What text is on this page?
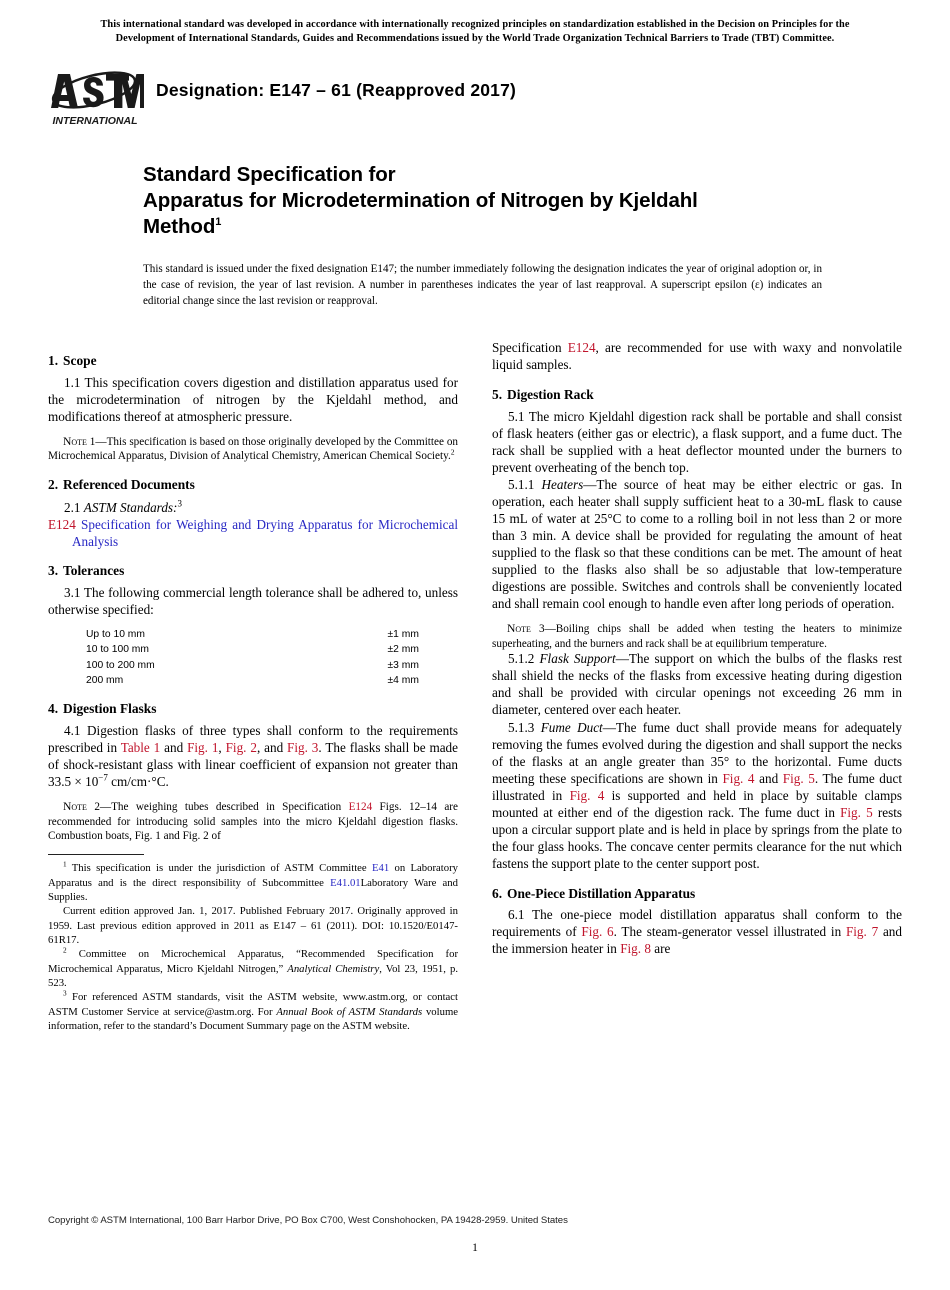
This international standard was developed in accordance with internationally recognized principles on standardization established in the Decision on Principles for the
Development of International Standards, Guides and Recommendations issued by the World Trade Organization Technical Barriers to Trade (TBT) Committee.
INTERNATIONAL
Designation: E147 – 61 (Reapproved 2017)
Standard Specification for
Apparatus for Microdetermination of Nitrogen by Kjeldahl
Method$^1$
This standard is issued under the fixed designation E147; the number immediately following the designation indicates the year of original adoption or, in the case of revision, the year of last revision. A number in parentheses indicates the year of last reapproval. A superscript epsilon (ε) indicates an editorial change since the last revision or reapproval.
1. Scope

1.1 This specification covers digestion and distillation apparatus used for the microdetermination of nitrogen by the Kjeldahl method, and modifications thereof at atmospheric pressure.

Note 1—This specification is based on those originally developed by the Committee on Microchemical Apparatus, Division of Analytical Chemistry, American Chemical Society.$^2$

2. Referenced Documents

2.1 ASTM Standards:$^3$

E124 Specification for Weighing and Drying Apparatus for Microchemical Analysis

3. Tolerances

3.1 The following commercial length tolerance shall be adhered to, unless otherwise specified:

Up to 10 mm	±1 mm
10 to 100 mm	±2 mm
100 to 200 mm	±3 mm
200 mm	±4 mm
4. Digestion Flasks

4.1 Digestion flasks of three types shall conform to the requirements prescribed in Table 1 and Fig. 1, Fig. 2, and Fig. 3. The flasks shall be made of shock-resistant glass with linear coefficient of expansion not greater than $33.5 \times 10^{-7}$ cm/cm·°C.

Note 2—The weighing tubes described in Specification E124 Figs. 12–14 are recommended for introducing solid samples into the micro Kjeldahl digestion flasks. Combustion boats, Fig. 1 and Fig. 2 of

$^1$ This specification is under the jurisdiction of ASTM Committee E41 on Laboratory Apparatus and is the direct responsibility of Subcommittee E41.01Laboratory Ware and Supplies.

Current edition approved Jan. 1, 2017. Published February 2017. Originally approved in 1959. Last previous edition approved in 2011 as E147 – 61 (2011). DOI: 10.1520/E0147-61R17.

$^2$ Committee on Microchemical Apparatus, “Recommended Specification for Microchemical Apparatus, Micro Kjeldahl Nitrogen,” Analytical Chemistry, Vol 23, 1951, p. 523.

$^3$ For referenced ASTM standards, visit the ASTM website, www.astm.org, or contact ASTM Customer Service at service@astm.org. For Annual Book of ASTM Standards volume information, refer to the standard’s Document Summary page on the ASTM website.

Specification E124, are recommended for use with waxy and nonvolatile liquid samples.

5. Digestion Rack

5.1 The micro Kjeldahl digestion rack shall be portable and shall consist of flask heaters (either gas or electric), a flask support, and a fume duct. The rack shall be supplied with a heat deflector mounted under the burners to prevent overheating of the bench top.

5.1.1 Heaters—The source of heat may be either electric or gas. In operation, each heater shall supply sufficient heat to a 30-mL flask to cause 15 mL of water at 25°C to come to a rolling boil in not less than 2 or more than 3 min. A device shall be provided for regulating the amount of heat supplied to the flask so that these conditions can be met. The amount of heat supplied to the flasks also shall be so adjustable that low-temperature digestions are possible. Switches and controls shall be conveniently located and shall remain cool enough to handle even after long periods of operation.

Note 3—Boiling chips shall be added when testing the heaters to minimize superheating, and the burners and rack shall be at equilibrium temperature.

5.1.2 Flask Support—The support on which the bulbs of the flasks rest shall shield the necks of the flasks from excessive heating during digestion and shall be provided with circular openings not exceeding 26 mm in diameter, centered over each heater.

5.1.3 Fume Duct—The fume duct shall provide means for adequately removing the fumes evolved during the digestion and shall support the necks of the flasks at an angle greater than 35° to the horizontal. Fume ducts meeting these specifications are shown in Fig. 4 and Fig. 5. The fume duct illustrated in Fig. 4 is supported and held in place by suitable clamps mounted at either end of the digestion rack. The fume duct in Fig. 5 rests upon a circular support plate and is held in place by springs from the plate to the four glass hooks. The concave center permits clearance for the nut which fastens the support plate to the center support post.

6. One-Piece Distillation Apparatus

6.1 The one-piece model distillation apparatus shall conform to the requirements of Fig. 6. The steam-generator vessel illustrated in Fig. 7 and the immersion heater in Fig. 8 are

Copyright © ASTM International, 100 Barr Harbor Drive, PO Box C700, West Conshohocken, PA 19428-2959. United States
1
